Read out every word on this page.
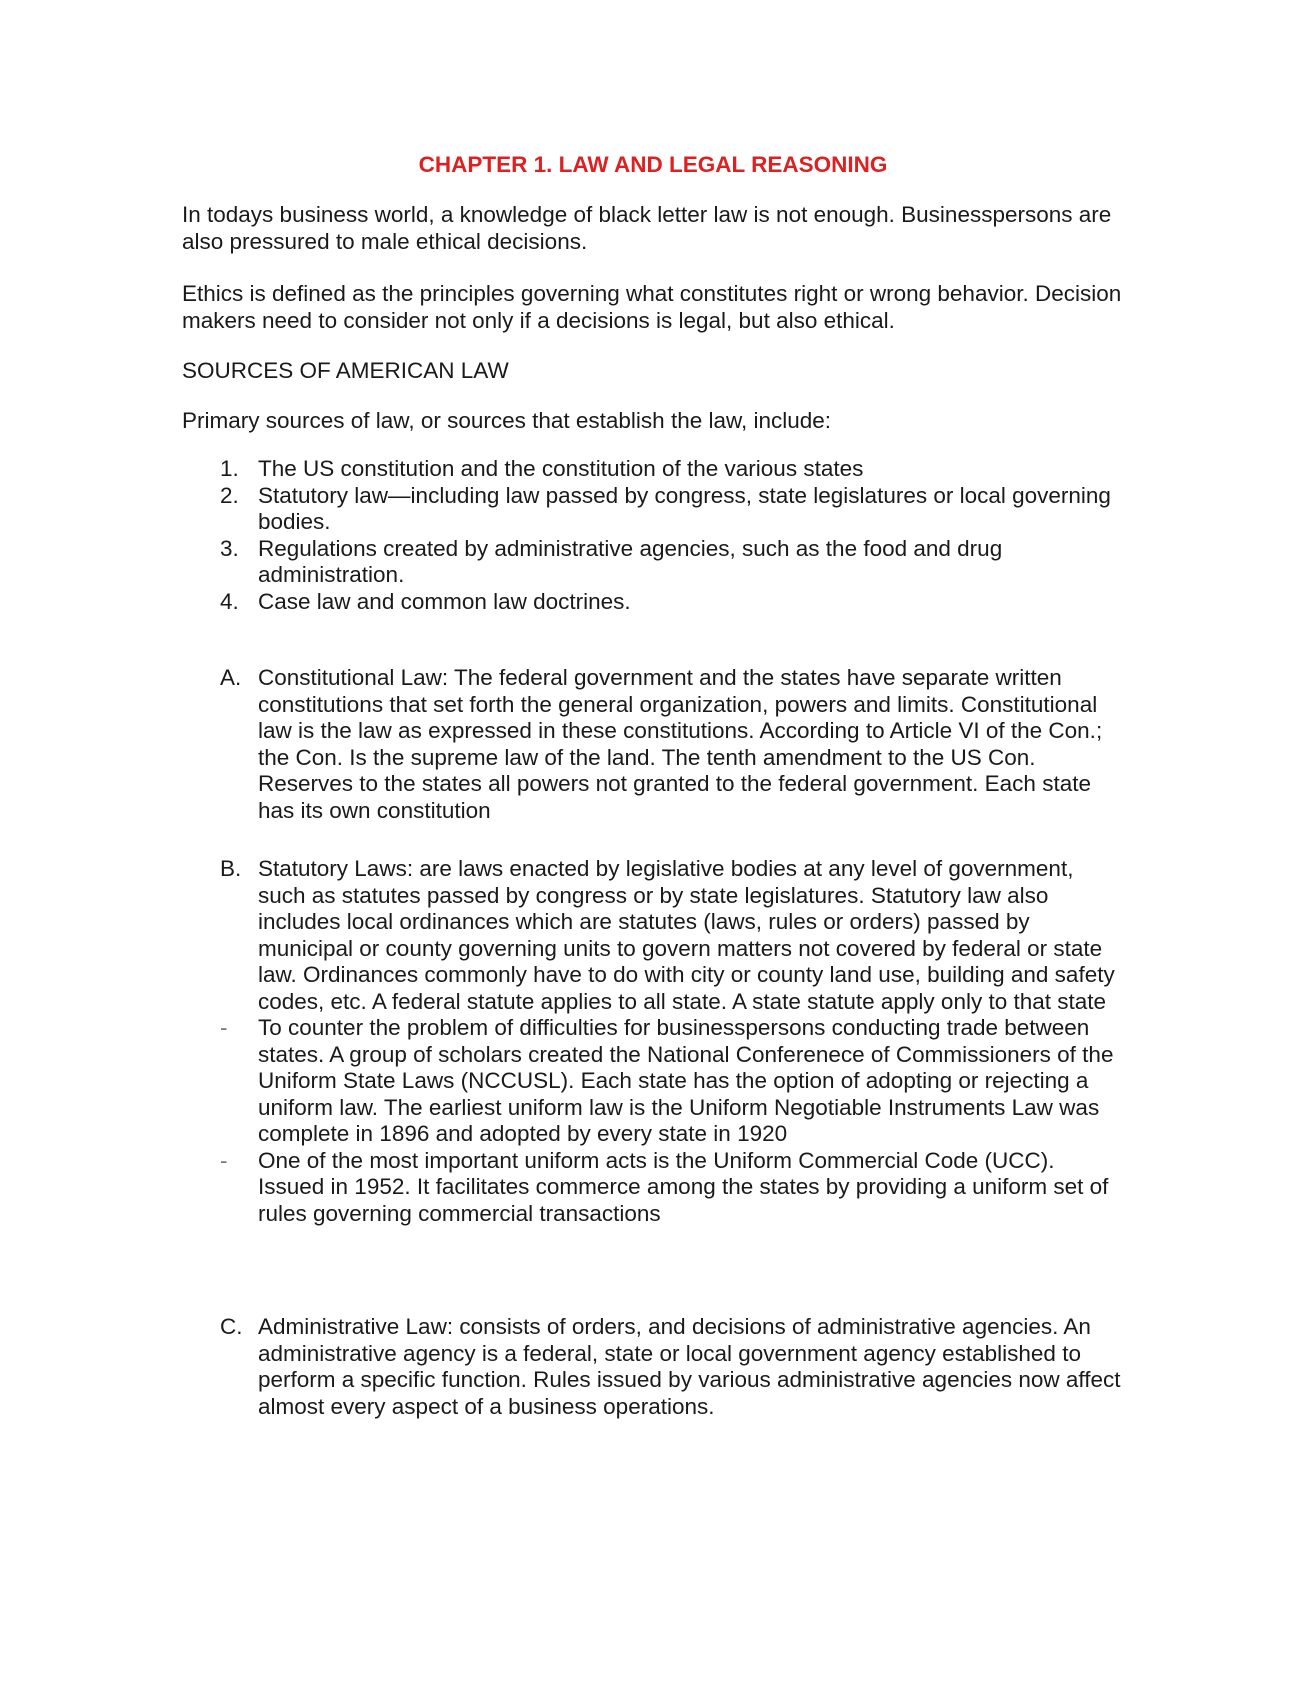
CHAPTER 1. LAW AND LEGAL REASONING

In todays business world, a knowledge of black letter law is not enough. Businesspersons are also pressured to male ethical decisions.

Ethics is defined as the principles governing what constitutes right or wrong behavior. Decision makers need to consider not only if a decisions is legal, but also ethical.

SOURCES OF AMERICAN LAW

Primary sources of law, or sources that establish the law, include:

1. The US constitution and the constitution of the various states
2. Statutory law—including law passed by congress, state legislatures or local governing bodies.
3. Regulations created by administrative agencies, such as the food and drug administration.
4. Case law and common law doctrines.
A. Constitutional Law: The federal government and the states have separate written constitutions that set forth the general organization, powers and limits. Constitutional law is the law as expressed in these constitutions. According to Article VI of the Con.; the Con. Is the supreme law of the land. The tenth amendment to the US Con. Reserves to the states all powers not granted to the federal government. Each state has its own constitution
B. Statutory Laws: are laws enacted by legislative bodies at any level of government, such as statutes passed by congress or by state legislatures. Statutory law also includes local ordinances which are statutes (laws, rules or orders) passed by municipal or county governing units to govern matters not covered by federal or state law. Ordinances commonly have to do with city or county land use, building and safety codes, etc. A federal statute applies to all state. A state statute apply only to that state
- To counter the problem of difficulties for businesspersons conducting trade between states. A group of scholars created the National Conferenece of Commissioners of the Uniform State Laws (NCCUSL). Each state has the option of adopting or rejecting a uniform law. The earliest uniform law is the Uniform Negotiable Instruments Law was complete in 1896 and adopted by every state in 1920
- One of the most important uniform acts is the Uniform Commercial Code (UCC). Issued in 1952. It facilitates commerce among the states by providing a uniform set of rules governing commercial transactions
C. Administrative Law: consists of orders, and decisions of administrative agencies. An administrative agency is a federal, state or local government agency established to perform a specific function. Rules issued by various administrative agencies now affect almost every aspect of a business operations.
